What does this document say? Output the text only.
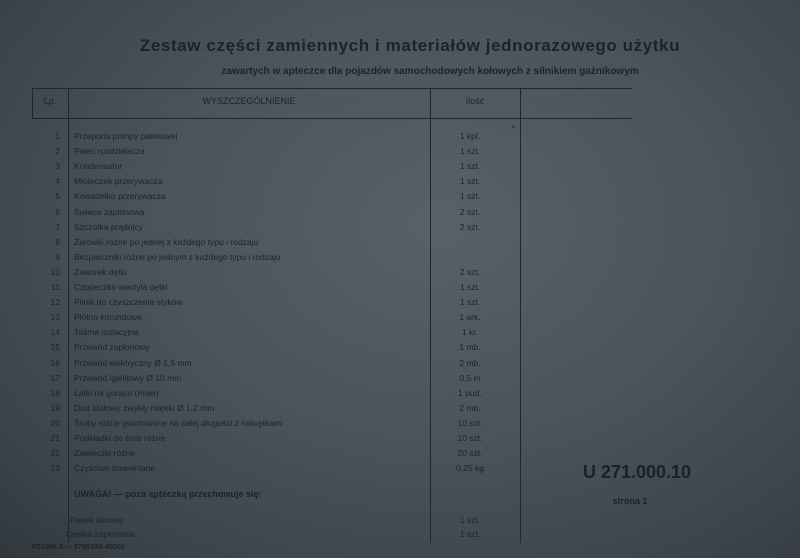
Zestaw części zamiennych i materiałów jednorazowego użytku
zawartych w apteczce dla pojazdów samochodowych kołowych z silnikiem gaźnikowym
Lp.	WYSZCZEGÓLNIENIE	Ilość
*
1 Przepona pompy paliwowej	1 kpl.
2 Palec rozdzielacza	1 szt.
3 Kondensator	1 szt.
4 Młoteczek przerywacza	1 szt.
5 Kowadełko przerywacza	1 szt.
6 Świeca zapłonowa	2 szt.
7 Szczotka prądnicy	2 szt.
8 Żarówki różne po jednej z każdego typu i rodzaju
9 Bezpieczniki różne po jednym z każdego typu i rodzaju
10 Zaworek dętki	2 szt.
11 Czopeczko wentyla dętki	1 szt.
12 Pilnik do czyszczenia styków	1 szt.
13 Płótno korundowe	1 ark.
14 Taśma izolacyjna	1 kr.
15 Przewód zapłonowy	1 mb.
16 Przewód elektryczny Ø 1,5 mm	2 mb.
17 Przewód igielitowy Ø 10 mm	0,5 m
18 Łatki na gorąco (małe)	1 pud.
19 Drut stalowy zwykły miękki Ø 1,2 mm	2 mb.
20 Śruby różne gwintowane na całej długości z nakrętkami	10 szt.
21 Podkładki do śrub różne	10 szt.
22 Zawleczki różne	20 szt.
23 Czyściwo bawełniane	0,25 kg
UWAGA! — poza apteczką przechowuje się:
Pasek klinowy	1 szt.
Cewka zapłonowa	1 szt.
U 271.000.10
strona 1
PZGMK 8 — 57993/66 40000
